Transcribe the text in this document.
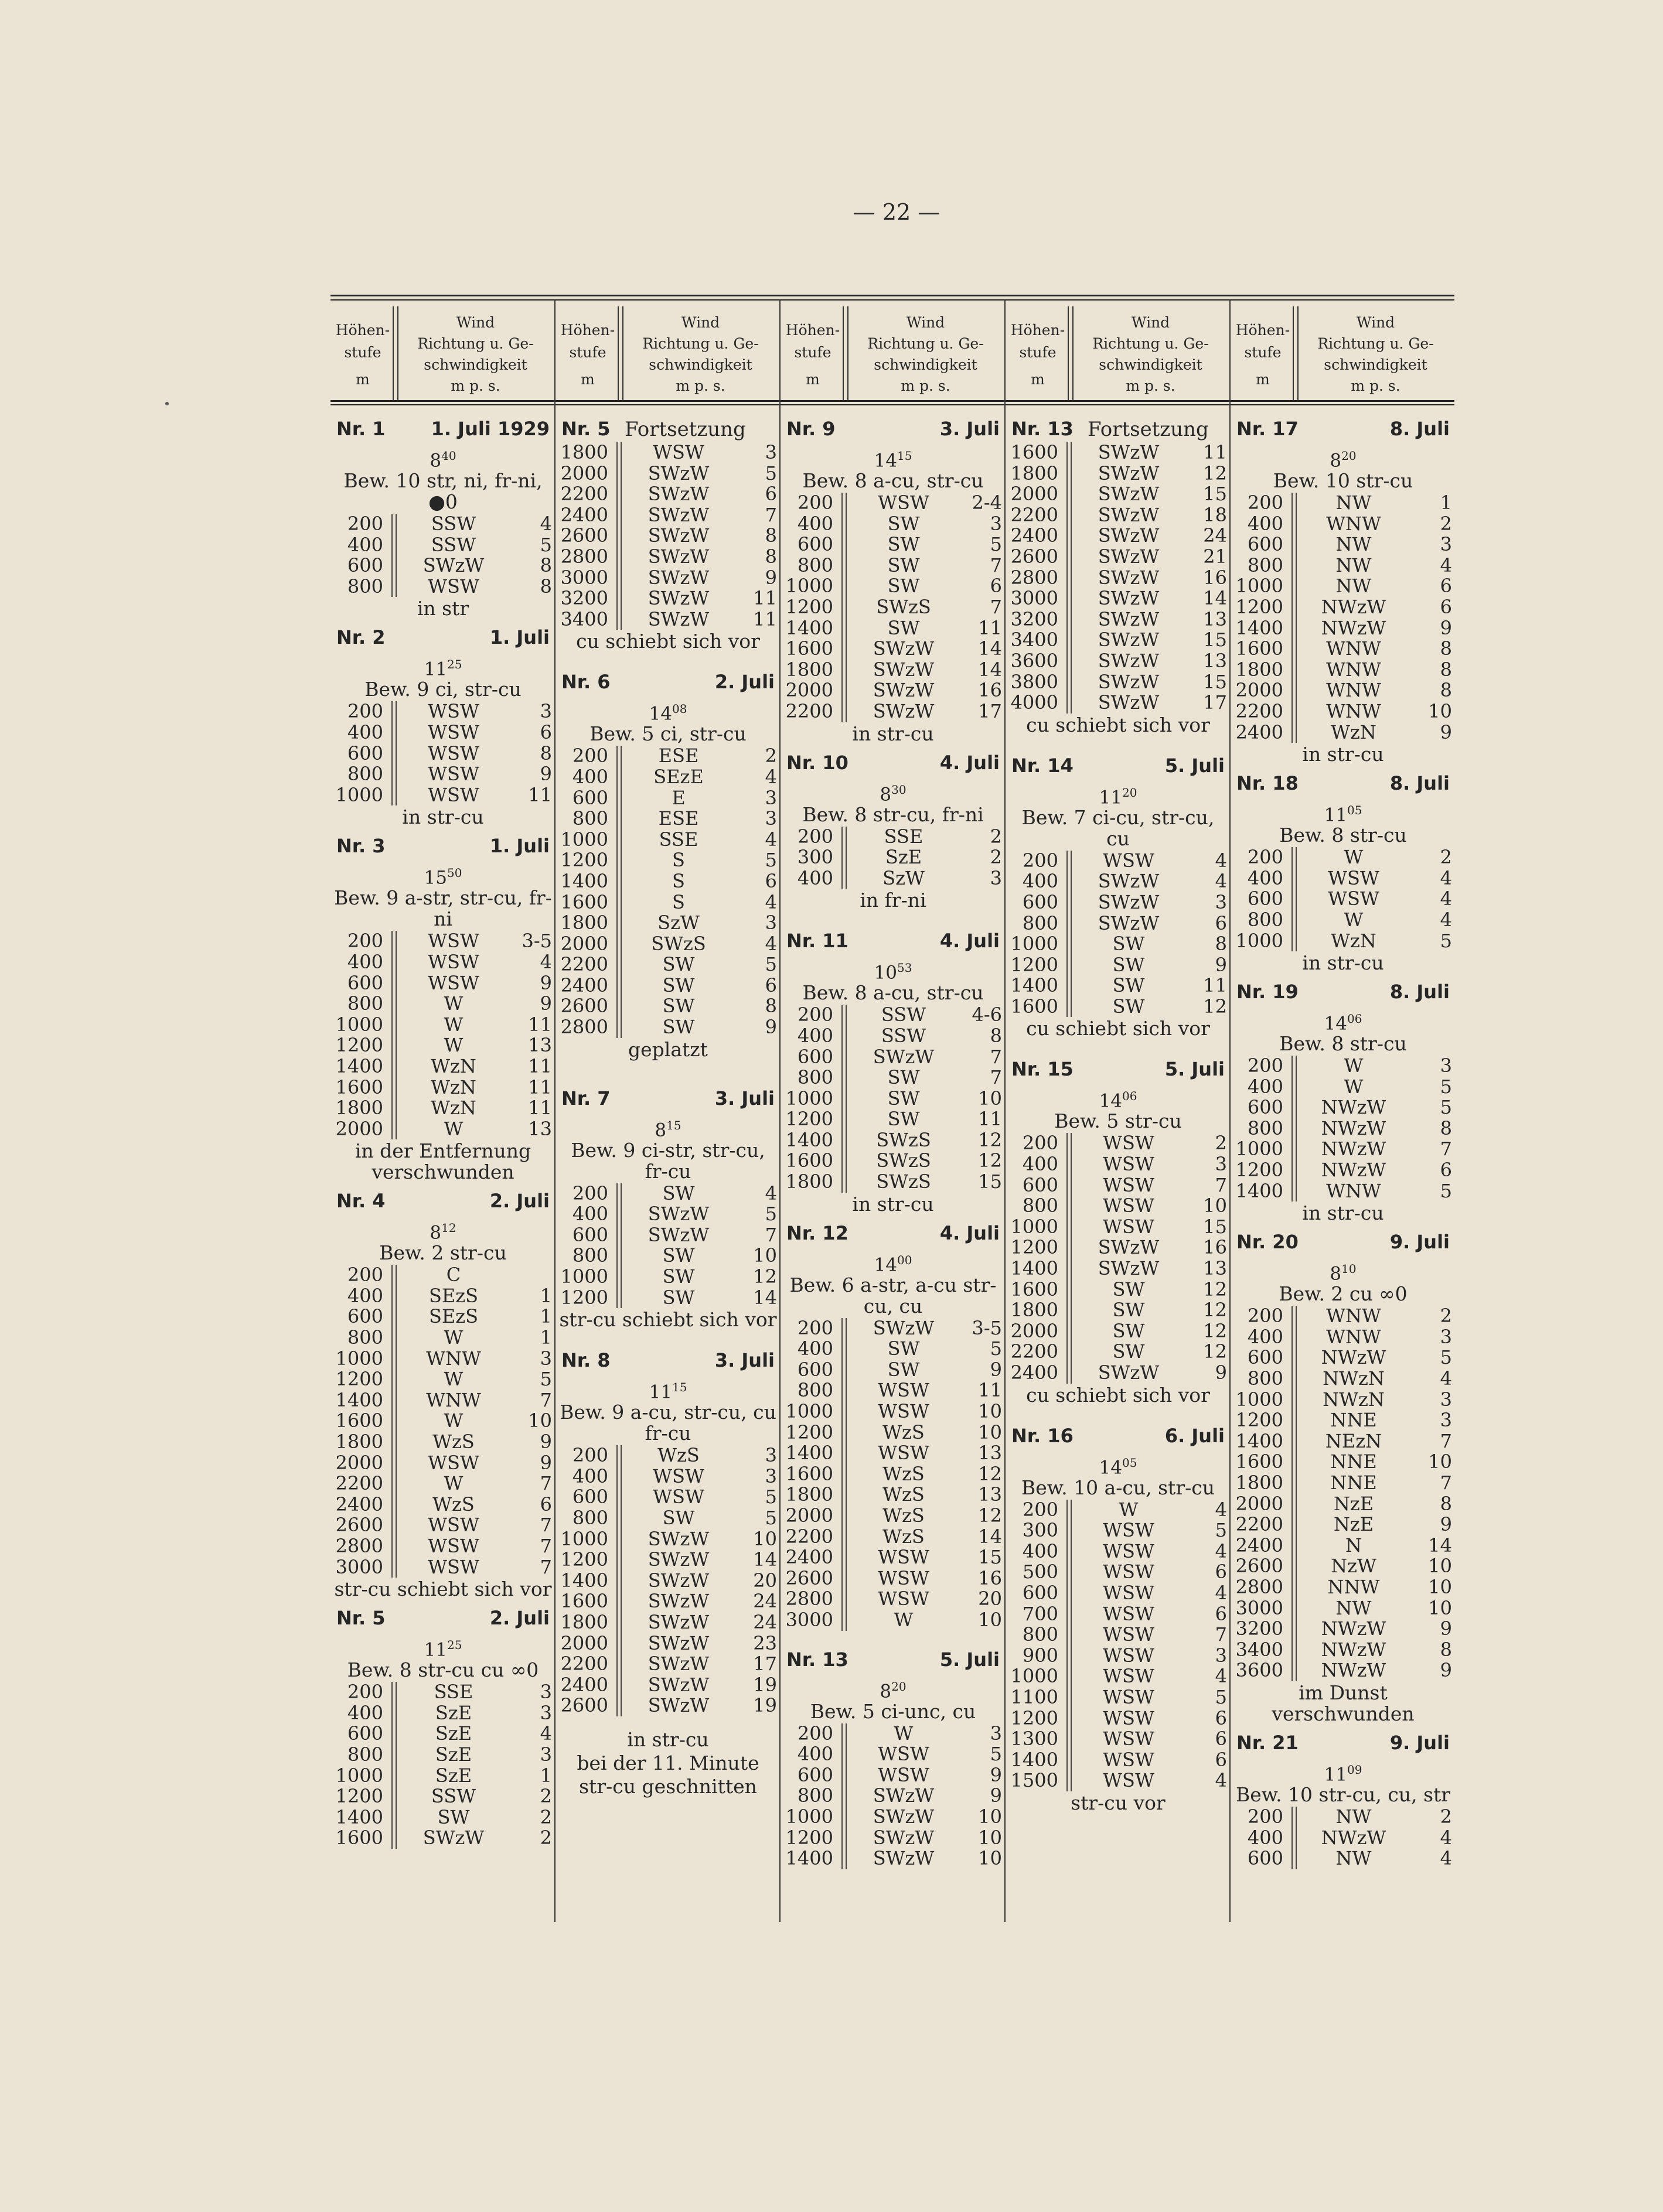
— 22 —
Höhen-
stufe
m
Wind
Richtung u. Ge-
schwindigkeit
m p. s.
Nr. 1 1. Juli 1929
$8^{40}$
Bew. 10 str, ni, fr-ni, ●0
200	SSW	4
400	SSW	5
600	SWzW	8
800	WSW	8
in str
Nr. 2	1. Juli
$11^{25}$
Bew. 9 ci, str-cu
200	WSW	3
400	WSW	6
600	WSW	8
800	WSW	9
1000	WSW	11
in str-cu
Nr. 3	1. Juli
$15^{50}$
Bew. 9 a-str, str-cu, fr-ni
200	WSW	3-5
400	WSW	4
600	WSW	9
800	W	9
1000	W	11
1200	W	13
1400	WzN	11
1600	WzN	11
1800	WzN	11
2000	W	13
in der Entfernung verschwunden
Nr. 4	2. Juli
$8^{12}$
Bew. 2 str-cu
200	C
400	SEzS	1
600	SEzS	1
800	W	1
1000	WNW	3
1200	W	5
1400	WNW	7
1600	W	10
1800	WzS	9
2000	WSW	9
2200	W	7
2400	WzS	6
2600	WSW	7
2800	WSW	7
3000	WSW	7
str-cu schiebt sich vor
Nr. 5	2. Juli
$11^{25}$
Bew. 8 str-cu cu ∞0
200	SSE	3
400	SzE	3
600	SzE	4
800	SzE	3
1000	SzE	1
1200	SSW	2
1400	SW	2
1600	SWzW	2
Höhen-
stufe
m
Wind
Richtung u. Ge-
schwindigkeit
m p. s.
Nr. 5 Fortsetzung
1800	WSW	3
2000	SWzW	5
2200	SWzW	6
2400	SWzW	7
2600	SWzW	8
2800	SWzW	8
3000	SWzW	9
3200	SWzW	11
3400	SWzW	11
cu schiebt sich vor
Nr. 6	2. Juli
$14^{08}$
Bew. 5 ci, str-cu
200	ESE	2
400	SEzE	4
600	E	3
800	ESE	3
1000	SSE	4
1200	S	5
1400	S	6
1600	S	4
1800	SzW	3
2000	SWzS	4
2200	SW	5
2400	SW	6
2600	SW	8
2800	SW	9
geplatzt
Nr. 7	3. Juli
$8^{15}$
Bew. 9 ci-str, str-cu, fr-cu
200	SW	4
400	SWzW	5
600	SWzW	7
800	SW	10
1000	SW	12
1200	SW	14
str-cu schiebt sich vor
Nr. 8	3. Juli
$11^{15}$
Bew. 9 a-cu, str-cu, cu fr-cu
200	WzS	3
400	WSW	3
600	WSW	5
800	SW	5
1000	SWzW	10
1200	SWzW	14
1400	SWzW	20
1600	SWzW	24
1800	SWzW	24
2000	SWzW	23
2200	SWzW	17
2400	SWzW	19
2600	SWzW	19
in str-cu
bei der 11. Minute
str-cu geschnitten
Höhen-
stufe
m
Wind
Richtung u. Ge-
schwindigkeit
m p. s.
Nr. 9	3. Juli
$14^{15}$
Bew. 8 a-cu, str-cu
200	WSW	2-4
400	SW	3
600	SW	5
800	SW	7
1000	SW	6
1200	SWzS	7
1400	SW	11
1600	SWzW	14
1800	SWzW	14
2000	SWzW	16
2200	SWzW	17
in str-cu
Nr. 10	4. Juli
$8^{30}$
Bew. 8 str-cu, fr-ni
200	SSE	2
300	SzE	2
400	SzW	3
in fr-ni
Nr. 11	4. Juli
$10^{53}$
Bew. 8 a-cu, str-cu
200	SSW	4-6
400	SSW	8
600	SWzW	7
800	SW	7
1000	SW	10
1200	SW	11
1400	SWzS	12
1600	SWzS	12
1800	SWzS	15
in str-cu
Nr. 12	4. Juli
$14^{00}$
Bew. 6 a-str, a-cu str-cu, cu
200	SWzW	3-5
400	SW	5
600	SW	9
800	WSW	11
1000	WSW	10
1200	WzS	10
1400	WSW	13
1600	WzS	12
1800	WzS	13
2000	WzS	12
2200	WzS	14
2400	WSW	15
2600	WSW	16
2800	WSW	20
3000	W	10
Nr. 13	5. Juli
$8^{20}$
Bew. 5 ci-unc, cu
200	W	3
400	WSW	5
600	WSW	9
800	SWzW	9
1000	SWzW	10
1200	SWzW	10
1400	SWzW	10
Höhen-
stufe
m
Wind
Richtung u. Ge-
schwindigkeit
m p. s.
Nr. 13 Fortsetzung
1600	SWzW	11
1800	SWzW	12
2000	SWzW	15
2200	SWzW	18
2400	SWzW	24
2600	SWzW	21
2800	SWzW	16
3000	SWzW	14
3200	SWzW	13
3400	SWzW	15
3600	SWzW	13
3800	SWzW	15
4000	SWzW	17
cu schiebt sich vor
Nr. 14	5. Juli
$11^{20}$
Bew. 7 ci-cu, str-cu, cu
200	WSW	4
400	SWzW	4
600	SWzW	3
800	SWzW	6
1000	SW	8
1200	SW	9
1400	SW	11
1600	SW	12
cu schiebt sich vor
Nr. 15	5. Juli
$14^{06}$
Bew. 5 str-cu
200	WSW	2
400	WSW	3
600	WSW	7
800	WSW	10
1000	WSW	15
1200	SWzW	16
1400	SWzW	13
1600	SW	12
1800	SW	12
2000	SW	12
2200	SW	12
2400	SWzW	9
cu schiebt sich vor
Nr. 16	6. Juli
$14^{05}$
Bew. 10 a-cu, str-cu
200	W	4
300	WSW	5
400	WSW	4
500	WSW	6
600	WSW	4
700	WSW	6
800	WSW	7
900	WSW	3
1000	WSW	4
1100	WSW	5
1200	WSW	6
1300	WSW	6
1400	WSW	6
1500	WSW	4
str-cu vor
Höhen-
stufe
m
Wind
Richtung u. Ge-
schwindigkeit
m p. s.
Nr. 17	8. Juli
$8^{20}$
Bew. 10 str-cu
200	NW	1
400	WNW	2
600	NW	3
800	NW	4
1000	NW	6
1200	NWzW	6
1400	NWzW	9
1600	WNW	8
1800	WNW	8
2000	WNW	8
2200	WNW	10
2400	WzN	9
in str-cu
Nr. 18	8. Juli
$11^{05}$
Bew. 8 str-cu
200	W	2
400	WSW	4
600	WSW	4
800	W	4
1000	WzN	5
in str-cu
Nr. 19	8. Juli
$14^{06}$
Bew. 8 str-cu
200	W	3
400	W	5
600	NWzW	5
800	NWzW	8
1000	NWzW	7
1200	NWzW	6
1400	WNW	5
in str-cu
Nr. 20	9. Juli
$8^{10}$
Bew. 2 cu ∞0
200	WNW	2
400	WNW	3
600	NWzW	5
800	NWzN	4
1000	NWzN	3
1200	NNE	3
1400	NEzN	7
1600	NNE	10
1800	NNE	7
2000	NzE	8
2200	NzE	9
2400	N	14
2600	NzW	10
2800	NNW	10
3000	NW	10
3200	NWzW	9
3400	NWzW	8
3600	NWzW	9
im Dunst verschwunden
Nr. 21	9. Juli
$11^{09}$
Bew. 10 str-cu, cu, str
200	NW	2
400	NWzW	4
600	NW	4
